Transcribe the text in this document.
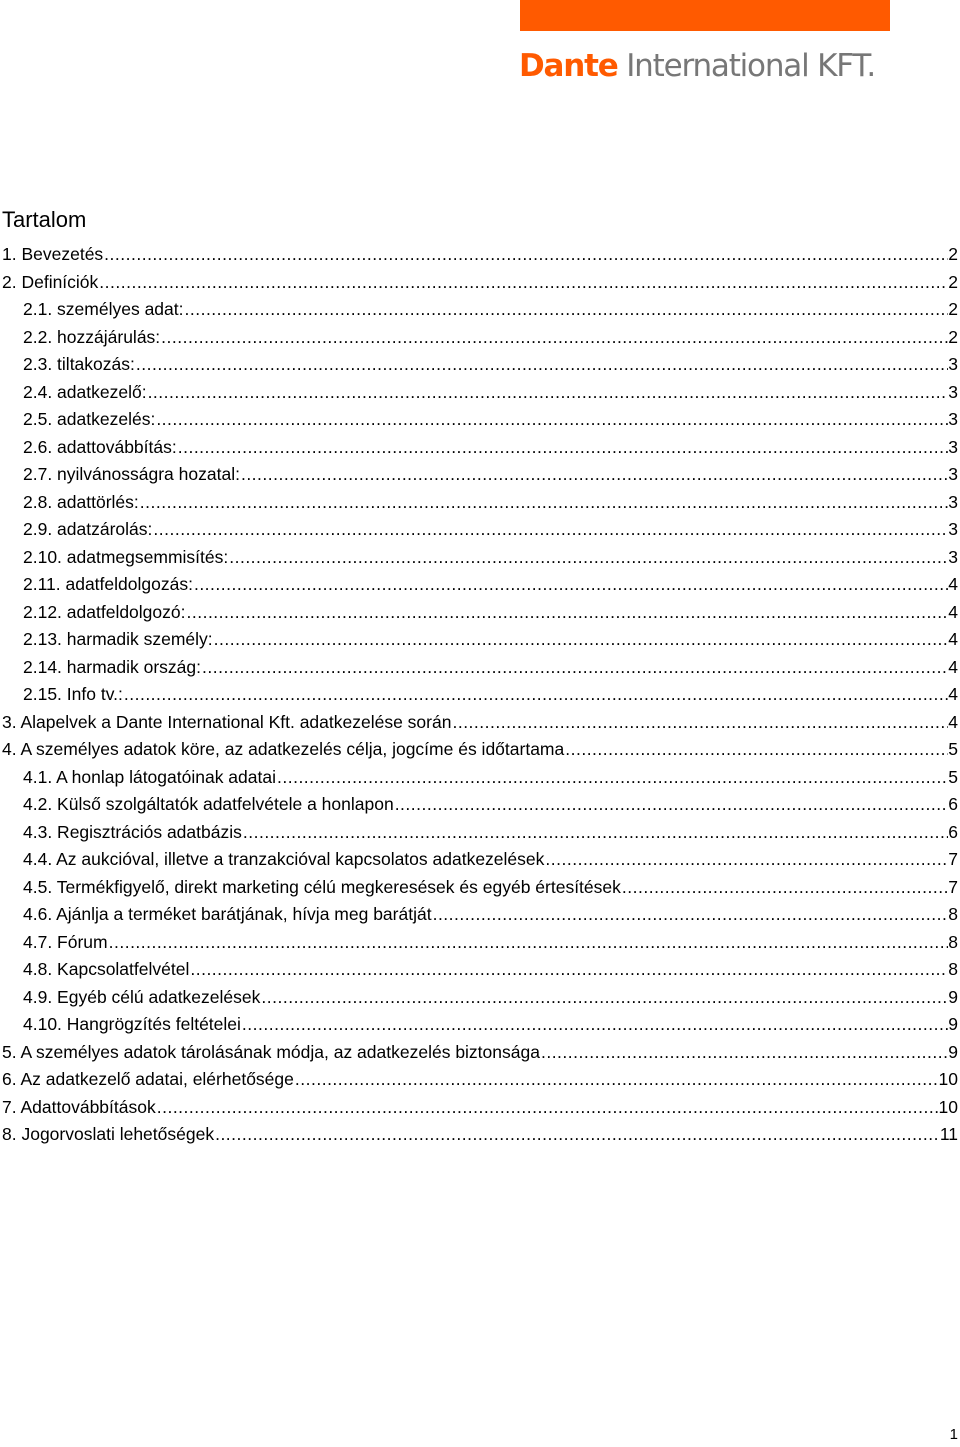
Dante International KFT.
Tartalom
1. Bevezetés .....	2
2. Definíciók .....	2
2.1. személyes adat: .....	2
2.2. hozzájárulás: .....	2
2.3. tiltakozás: .....	3
2.4. adatkezelő: .....	3
2.5. adatkezelés: .....	3
2.6. adattovábbítás: .....	3
2.7. nyilvánosságra hozatal: .....	3
2.8. adattörlés: .....	3
2.9. adatzárolás: .....	3
2.10. adatmegsemmisítés: .....	3
2.11. adatfeldolgozás: .....	4
2.12. adatfeldolgozó: .....	4
2.13. harmadik személy: .....	4
2.14. harmadik ország: .....	4
2.15. Info tv.: .....	4
3. Alapelvek a Dante International Kft. adatkezelése során .....	4
4. A személyes adatok köre, az adatkezelés célja, jogcíme és időtartama .....	5
4.1. A honlap látogatóinak adatai .....	5
4.2. Külső szolgáltatók adatfelvétele a honlapon .....	6
4.3. Regisztrációs adatbázis .....	6
4.4. Az aukcióval, illetve a tranzakcióval kapcsolatos adatkezelések .....	7
4.5. Termékfigyelő, direkt marketing célú megkeresések és egyéb értesítések .....	7
4.6. Ajánlja a terméket barátjának, hívja meg barátját .....	8
4.7. Fórum .....	8
4.8. Kapcsolatfelvétel .....	8
4.9. Egyéb célú adatkezelések .....	9
4.10. Hangrögzítés feltételei .....	9
5. A személyes adatok tárolásának módja, az adatkezelés biztonsága .....	9
6. Az adatkezelő adatai, elérhetősége .....	10
7. Adattovábbítások .....	10
8. Jogorvoslati lehetőségek .....	11
1
